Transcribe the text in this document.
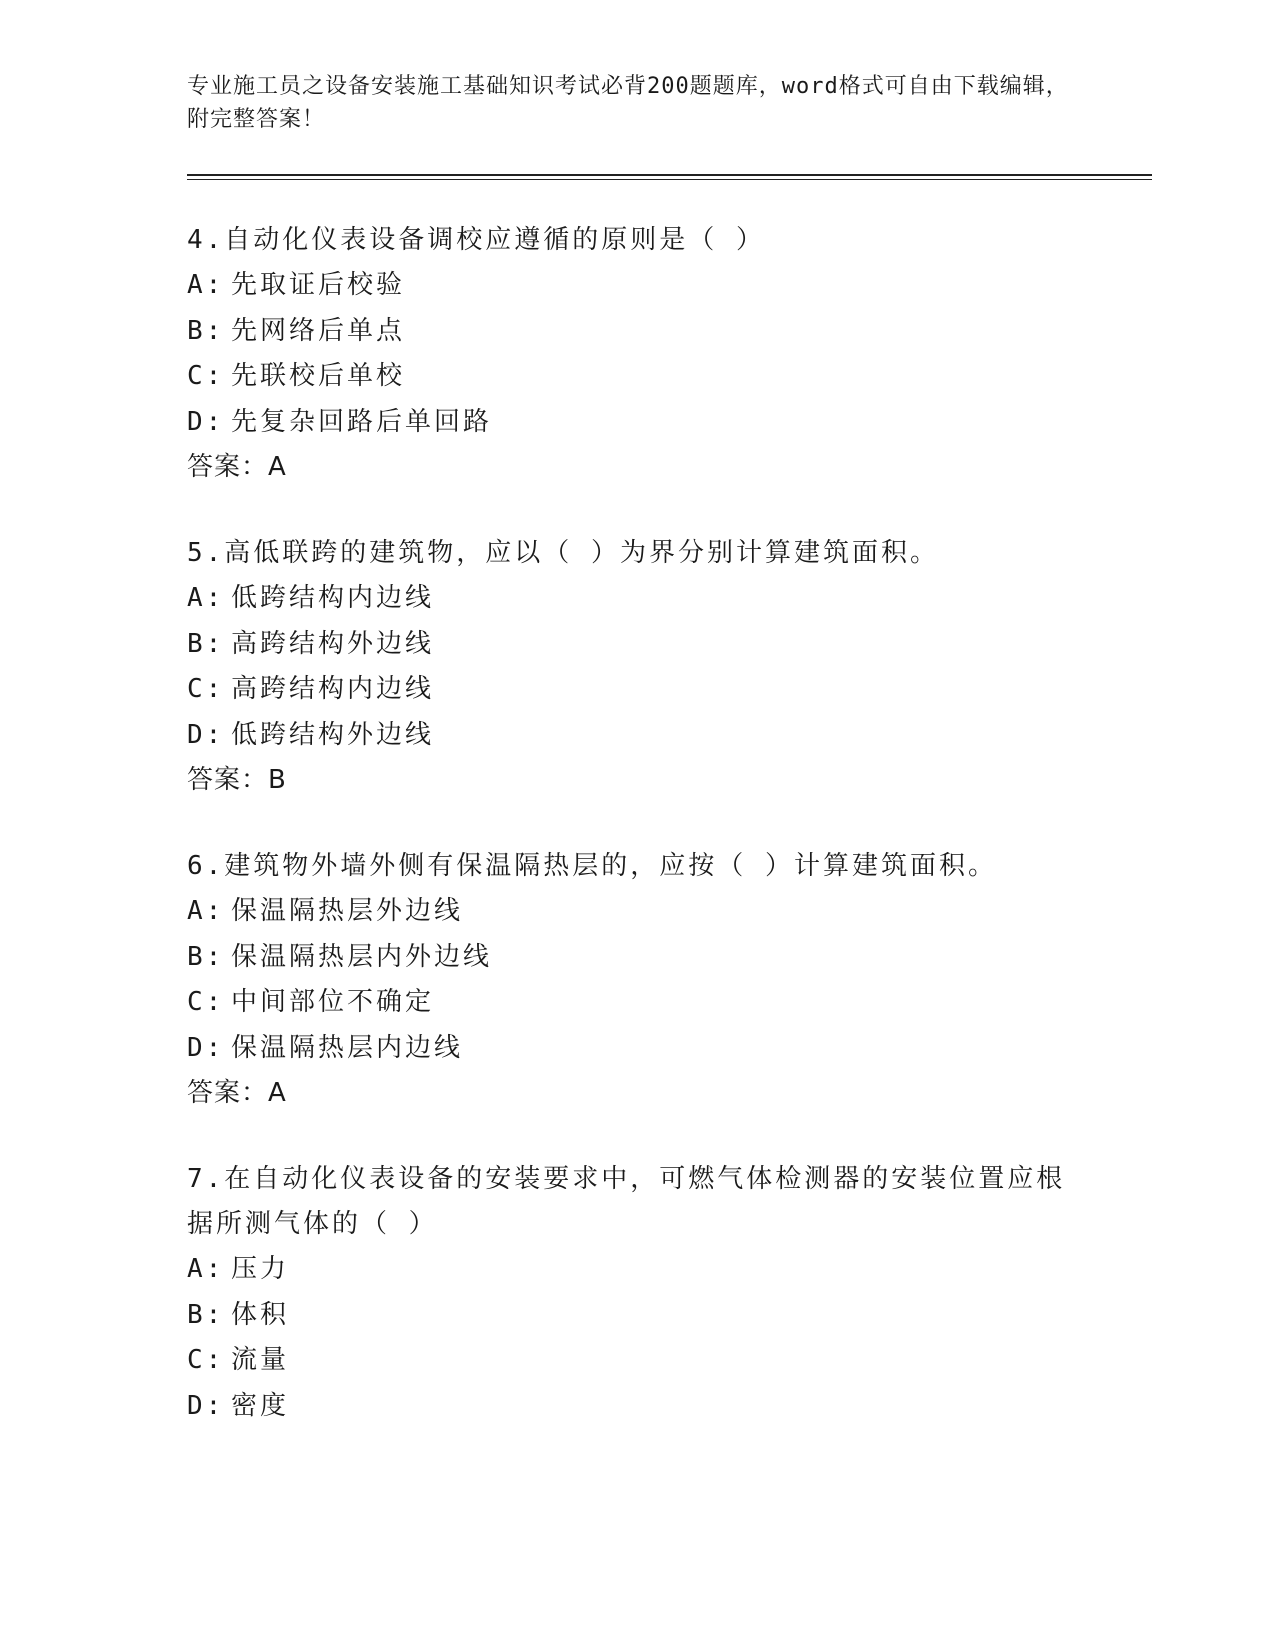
专业施工员之设备安装施工基础知识考试必背200题题库，word格式可自由下载编辑，附完整答案！
4.自动化仪表设备调校应遵循的原则是（ ）
A: 先取证后校验
B: 先网络后单点
C: 先联校后单校
D: 先复杂回路后单回路
答案：A
5.高低联跨的建筑物，应以（ ）为界分别计算建筑面积。
A: 低跨结构内边线
B: 高跨结构外边线
C: 高跨结构内边线
D: 低跨结构外边线
答案：B
6.建筑物外墙外侧有保温隔热层的，应按（ ）计算建筑面积。
A: 保温隔热层外边线
B: 保温隔热层内外边线
C: 中间部位不确定
D: 保温隔热层内边线
答案：A
7.在自动化仪表设备的安装要求中，可燃气体检测器的安装位置应根据所测气体的（ ）
A: 压力
B: 体积
C: 流量
D: 密度
